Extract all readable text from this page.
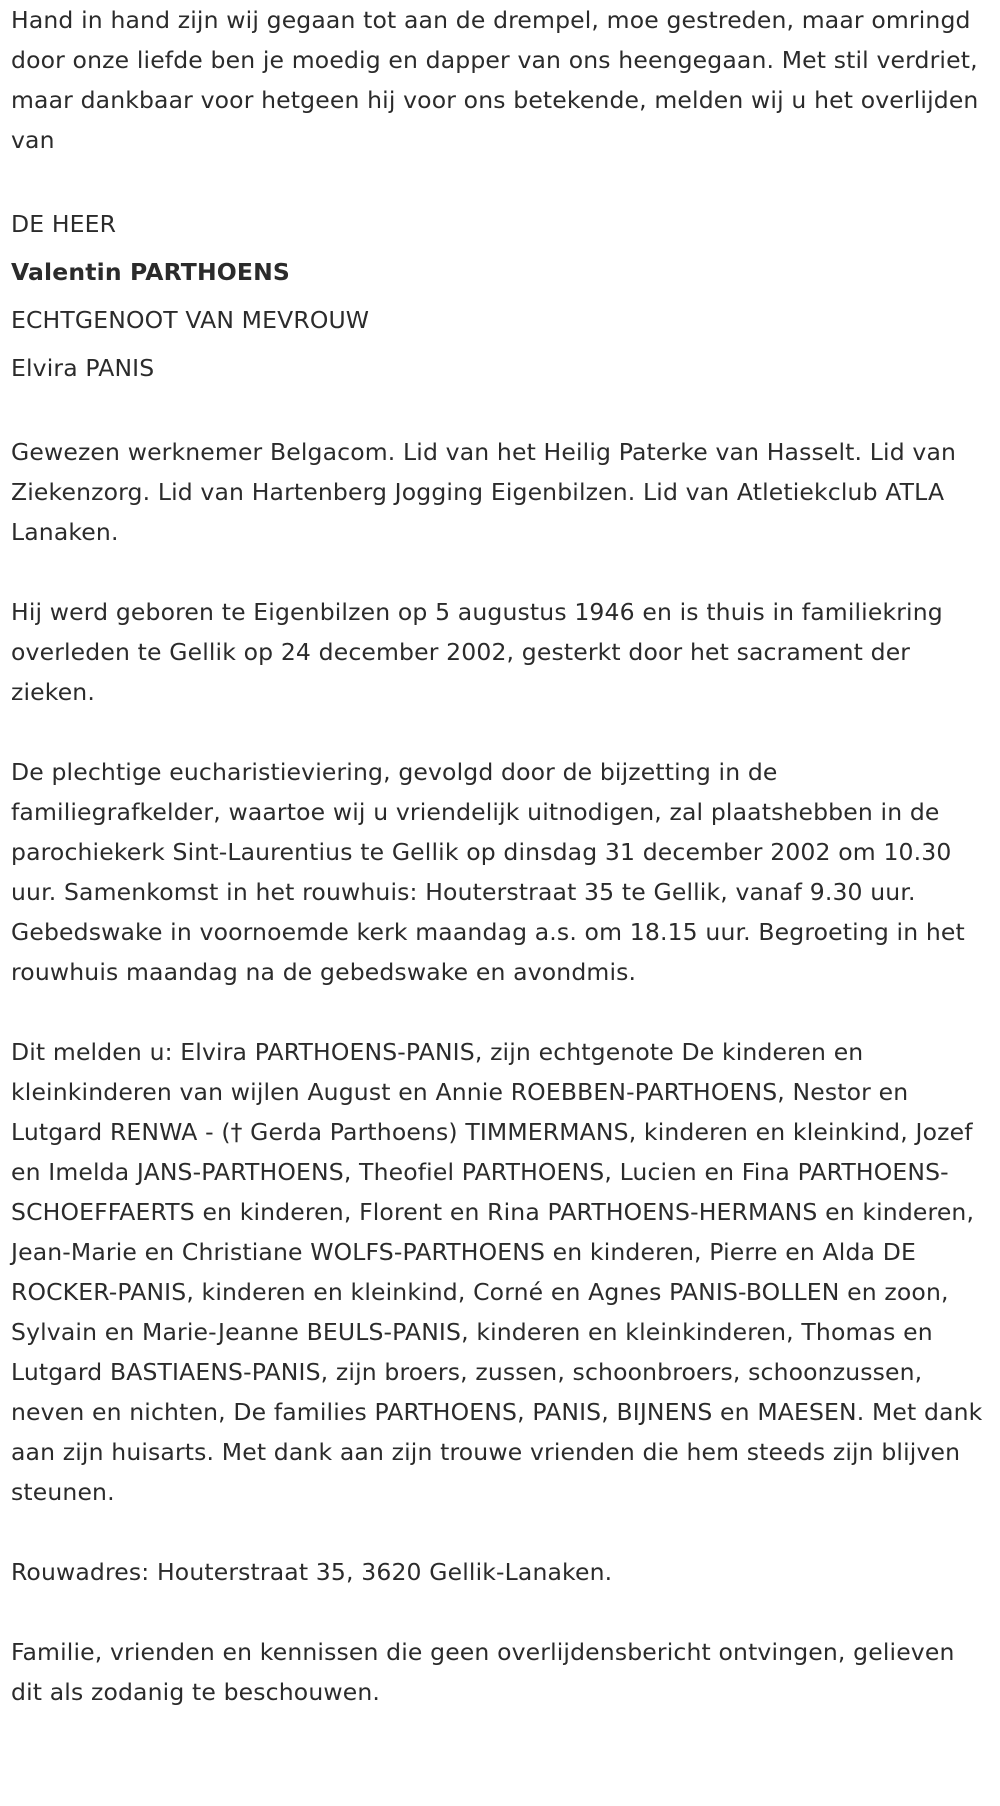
Hand in hand zijn wij gegaan tot aan de drempel, moe gestreden, maar omringd door onze liefde ben je moedig en dapper van ons heengegaan. Met stil verdriet, maar dankbaar voor hetgeen hij voor ons betekende, melden wij u het overlijden van

DE HEER

Valentin PARTHOENS

ECHTGENOOT VAN MEVROUW

Elvira PANIS

Gewezen werknemer Belgacom. Lid van het Heilig Paterke van Hasselt. Lid van Ziekenzorg. Lid van Hartenberg Jogging Eigenbilzen. Lid van Atletiekclub ATLA Lanaken.

Hij werd geboren te Eigenbilzen op 5 augustus 1946 en is thuis in familiekring overleden te Gellik op 24 december 2002, gesterkt door het sacrament der zieken.

De plechtige eucharistieviering, gevolgd door de bijzetting in de familiegrafkelder, waartoe wij u vriendelijk uitnodigen, zal plaatshebben in de parochiekerk Sint-Laurentius te Gellik op dinsdag 31 december 2002 om 10.30 uur. Samenkomst in het rouwhuis: Houterstraat 35 te Gellik, vanaf 9.30 uur. Gebedswake in voornoemde kerk maandag a.s. om 18.15 uur. Begroeting in het rouwhuis maandag na de gebedswake en avondmis.

Dit melden u: Elvira PARTHOENS-PANIS, zijn echtgenote De kinderen en kleinkinderen van wijlen August en Annie ROEBBEN-PARTHOENS, Nestor en Lutgard RENWA - († Gerda Parthoens) TIMMERMANS, kinderen en kleinkind, Jozef en Imelda JANS-PARTHOENS, Theofiel PARTHOENS, Lucien en Fina PARTHOENS-SCHOEFFAERTS en kinderen, Florent en Rina PARTHOENS-HERMANS en kinderen, Jean-Marie en Christiane WOLFS-PARTHOENS en kinderen, Pierre en Alda DE ROCKER-PANIS, kinderen en kleinkind, Corné en Agnes PANIS-BOLLEN en zoon, Sylvain en Marie-Jeanne BEULS-PANIS, kinderen en kleinkinderen, Thomas en Lutgard BASTIAENS-PANIS, zijn broers, zussen, schoonbroers, schoonzussen, neven en nichten, De families PARTHOENS, PANIS, BIJNENS en MAESEN. Met dank aan zijn huisarts. Met dank aan zijn trouwe vrienden die hem steeds zijn blijven steunen.

Rouwadres: Houterstraat 35, 3620 Gellik-Lanaken.

Familie, vrienden en kennissen die geen overlijdensbericht ontvingen, gelieven dit als zodanig te beschouwen.
